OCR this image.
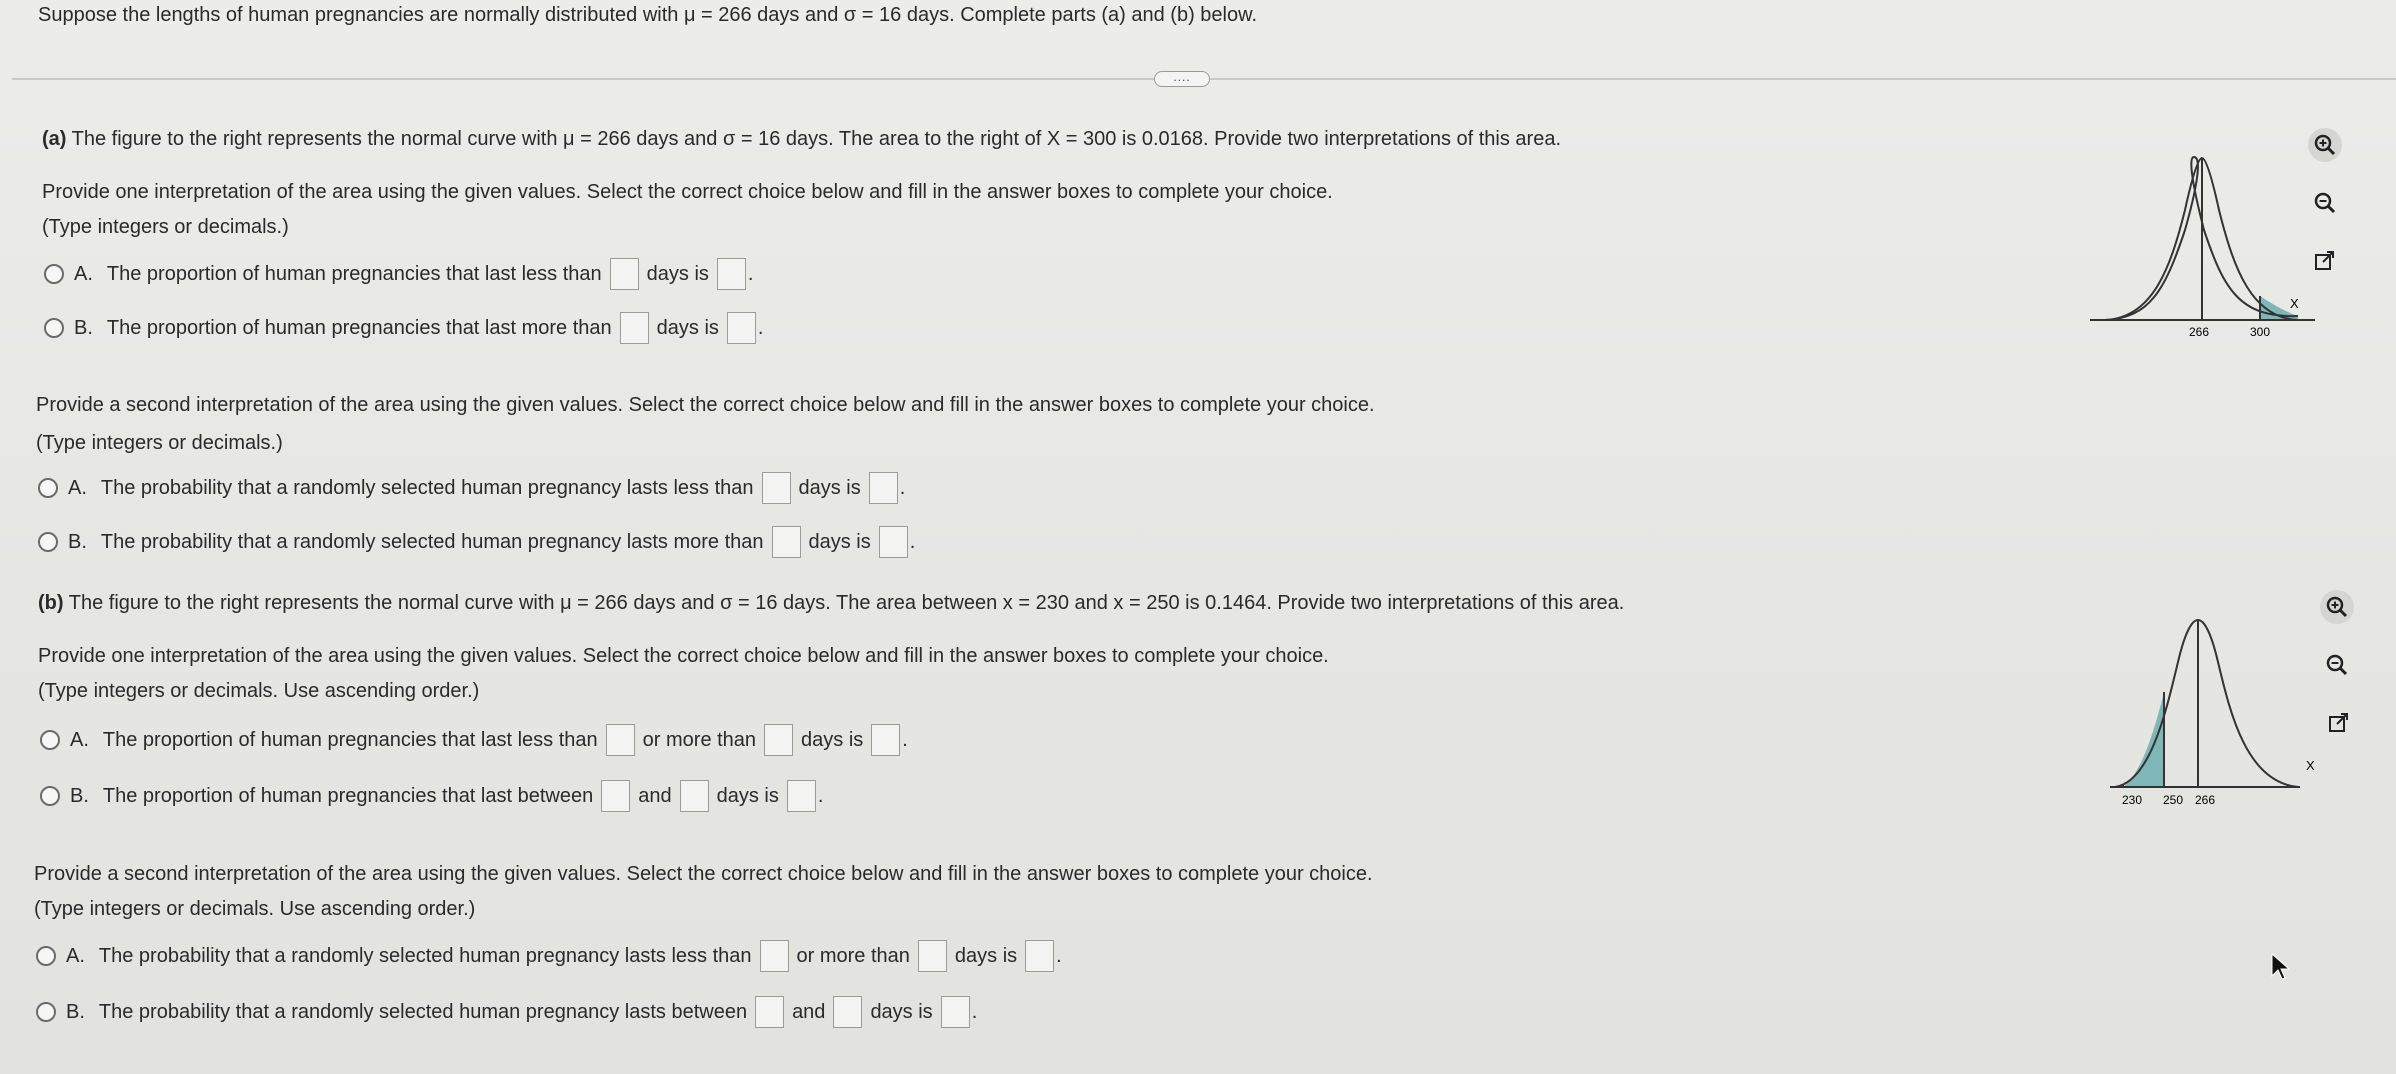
Suppose the lengths of human pregnancies are normally distributed with μ = 266 days and σ = 16 days. Complete parts (a) and (b) below.
....
(a) The figure to the right represents the normal curve with μ = 266 days and σ = 16 days. The area to the right of X = 300 is 0.0168. Provide two interpretations of this area.
Provide one interpretation of the area using the given values. Select the correct choice below and fill in the answer boxes to complete your choice.
(Type integers or decimals.)
A. The proportion of human pregnancies that last less than days is .
B. The proportion of human pregnancies that last more than days is .
Provide a second interpretation of the area using the given values. Select the correct choice below and fill in the answer boxes to complete your choice.
(Type integers or decimals.)
A. The probability that a randomly selected human pregnancy lasts less than days is .
B. The probability that a randomly selected human pregnancy lasts more than days is .
266	300
X
(b) The figure to the right represents the normal curve with μ = 266 days and σ = 16 days. The area between x = 230 and x = 250 is 0.1464. Provide two interpretations of this area.
Provide one interpretation of the area using the given values. Select the correct choice below and fill in the answer boxes to complete your choice.
(Type integers or decimals. Use ascending order.)
A. The proportion of human pregnancies that last less than or more than days is .
B. The proportion of human pregnancies that last between and days is .
Provide a second interpretation of the area using the given values. Select the correct choice below and fill in the answer boxes to complete your choice.
(Type integers or decimals. Use ascending order.)
A. The probability that a randomly selected human pregnancy lasts less than or more than days is .
B. The probability that a randomly selected human pregnancy lasts between and days is .
230 250 266
X
